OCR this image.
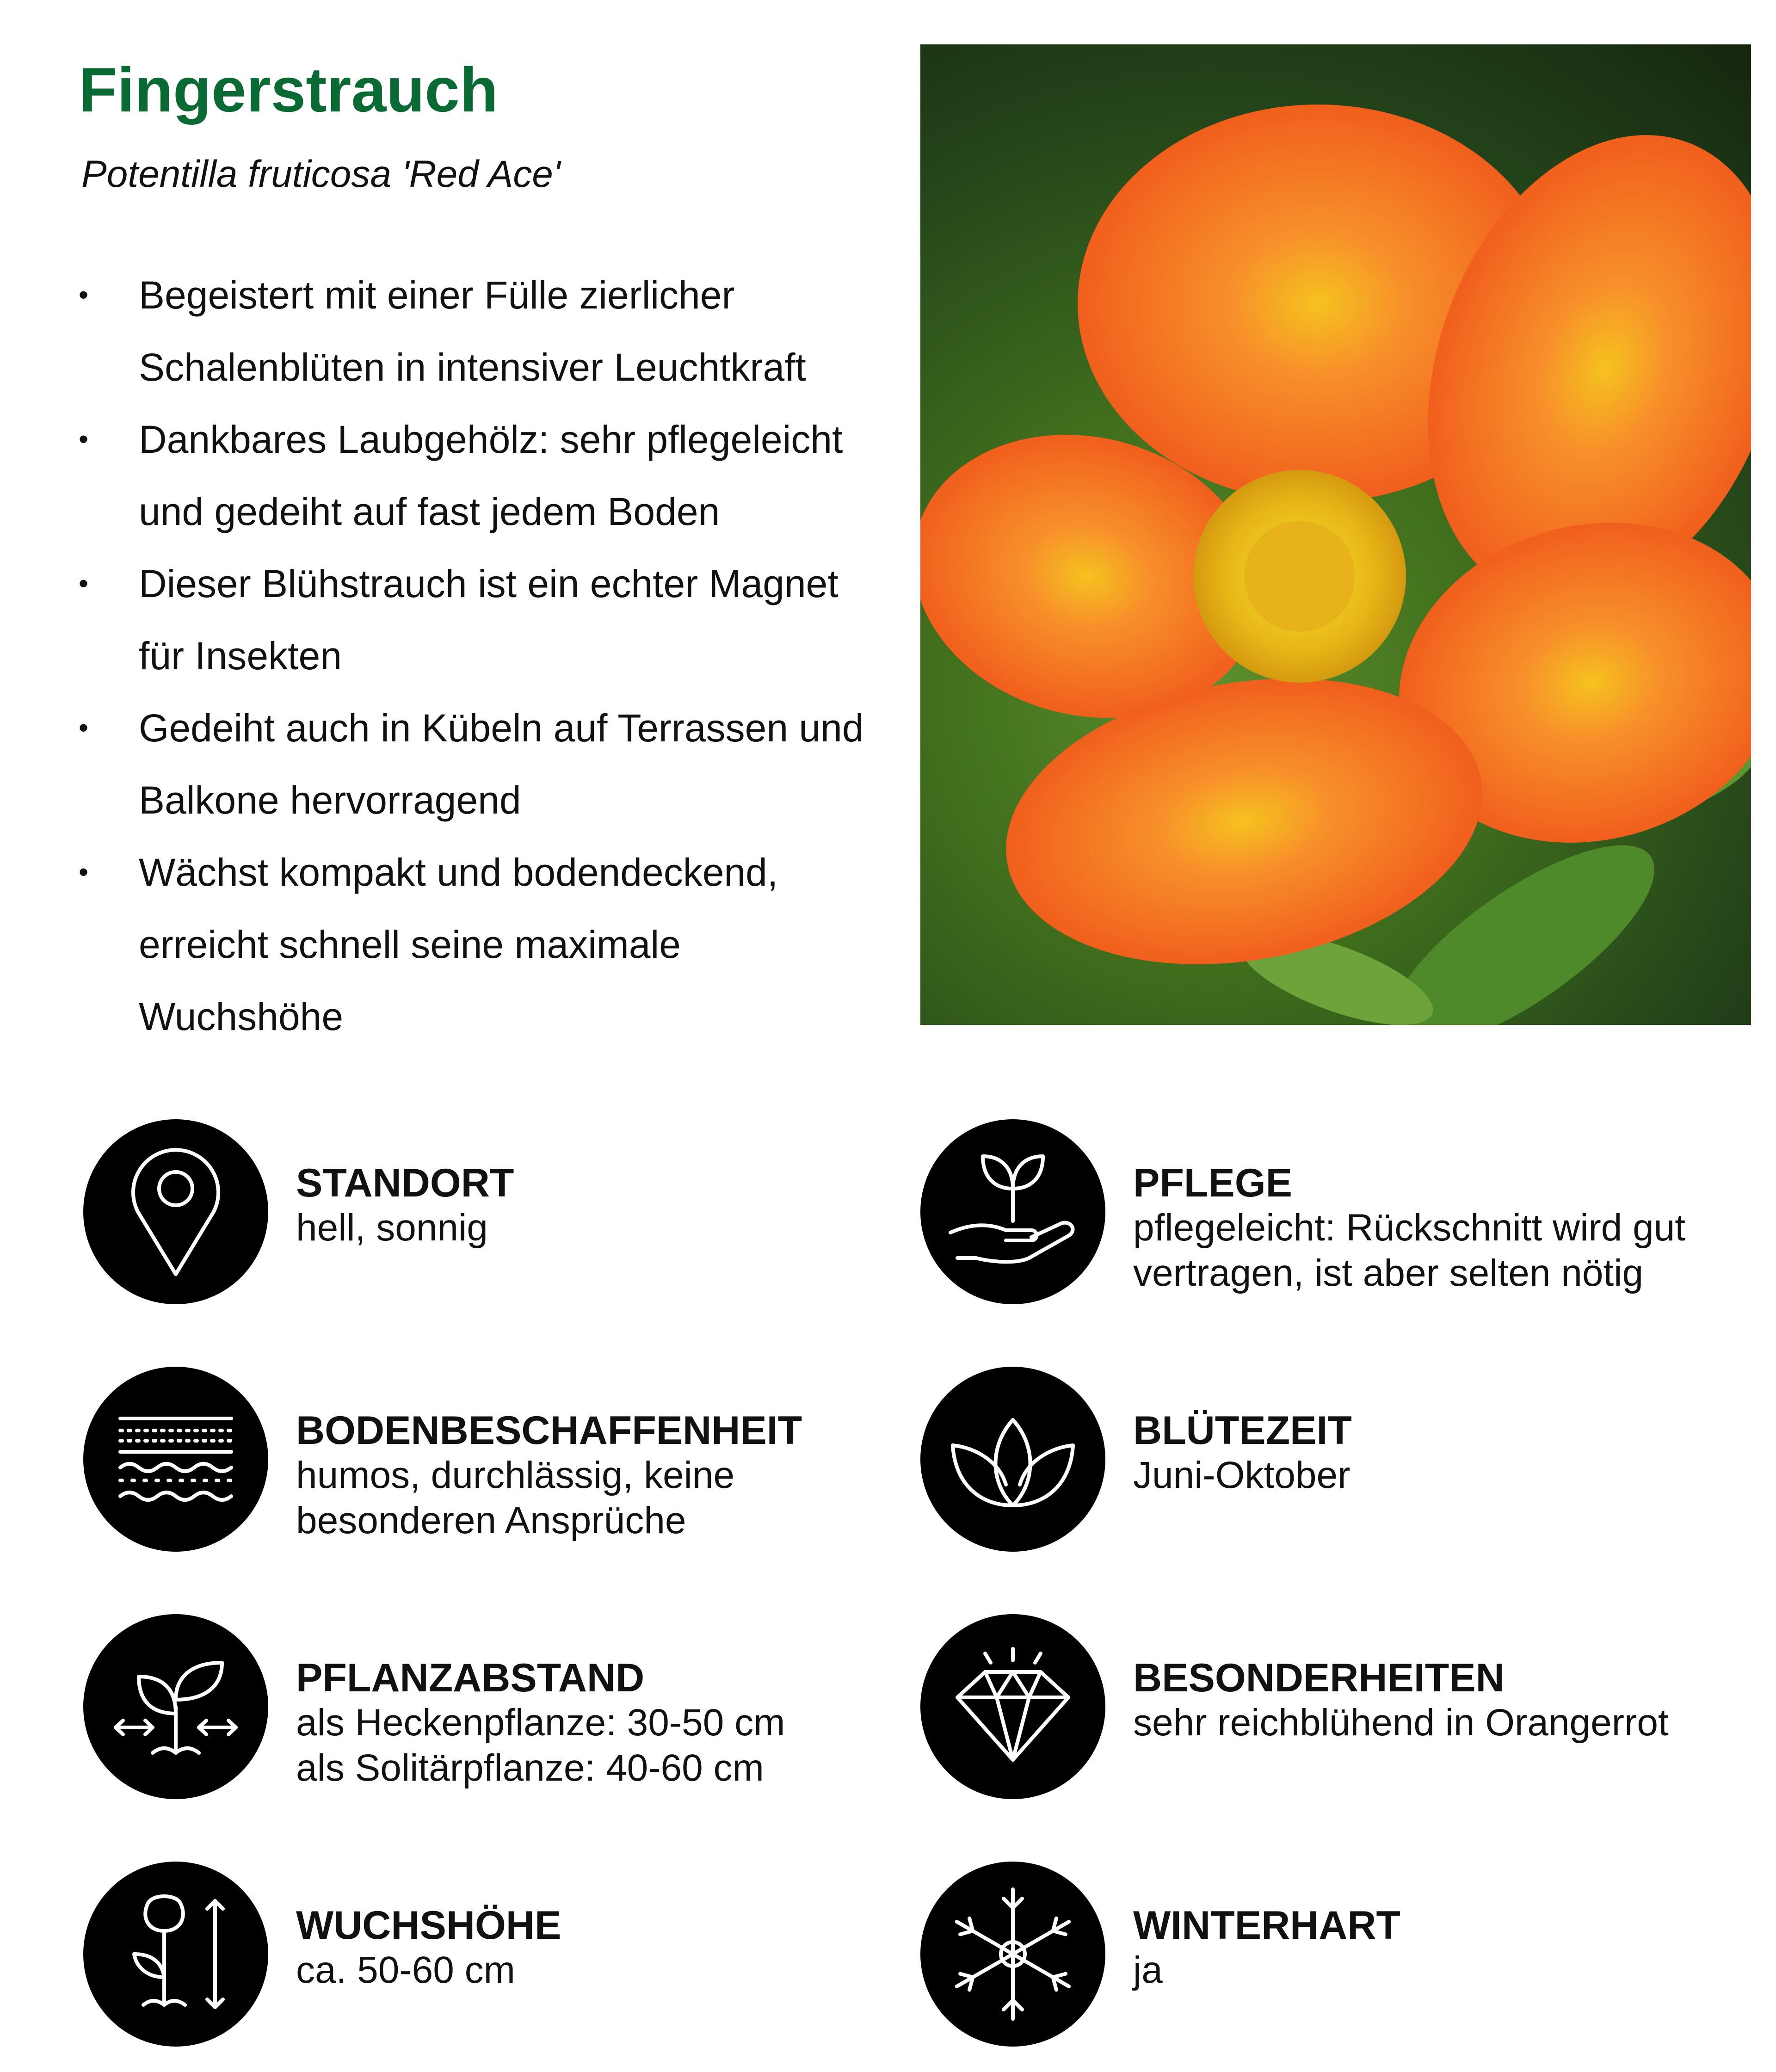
Fingerstrauch
Potentilla fruticosa 'Red Ace'
• Begeistert mit einer Fülle zierlicher Schalenblüten in intensiver Leuchtkraft
• Dankbares Laubgehölz: sehr pflegeleicht und gedeiht auf fast jedem Boden
• Dieser Blühstrauch ist ein echter Magnet für Insekten
• Gedeiht auch in Kübeln auf Terrassen und Balkone hervorragend
• Wächst kompakt und bodendeckend, erreicht schnell seine maximale Wuchshöhe
STANDORT
hell, sonnig
BODENBESCHAFFENHEIT
humos, durchlässig, keine besonderen Ansprüche
PFLANZABSTAND
als Heckenpflanze: 30-50 cm
als Solitärpflanze: 40-60 cm
WUCHSHÖHE
ca. 50-60 cm
PFLEGE
pflegeleicht: Rückschnitt wird gut vertragen, ist aber selten nötig
BLÜTEZEIT
Juni-Oktober
BESONDERHEITEN
sehr reichblühend in Orangerrot
WINTERHART
ja
